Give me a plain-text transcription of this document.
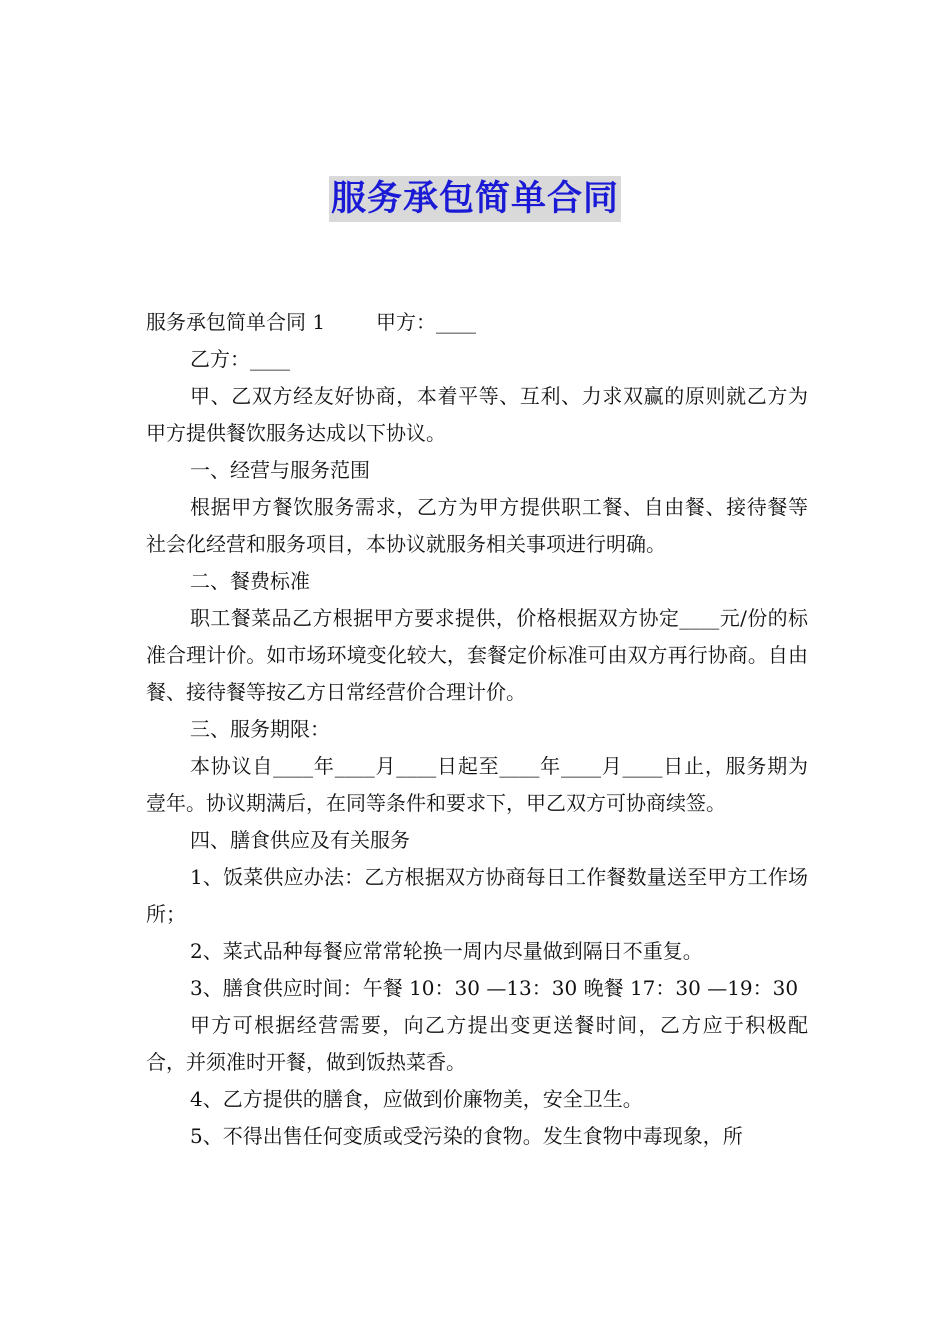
服务承包简单合同

服务承包简单合同 1        甲方：____

乙方：____

甲、乙双方经友好协商，本着平等、互利、力求双赢的原则就乙方为甲方提供餐饮服务达成以下协议。

一、经营与服务范围

根据甲方餐饮服务需求，乙方为甲方提供职工餐、自由餐、接待餐等社会化经营和服务项目，本协议就服务相关事项进行明确。

二、餐费标准

职工餐菜品乙方根据甲方要求提供，价格根据双方协定____元/份的标准合理计价。如市场环境变化较大，套餐定价标准可由双方再行协商。自由餐、接待餐等按乙方日常经营价合理计价。

三、服务期限：

本协议自____年____月____日起至____年____月____日止，服务期为壹年。协议期满后，在同等条件和要求下，甲乙双方可协商续签。

四、膳食供应及有关服务

1、饭菜供应办法：乙方根据双方协商每日工作餐数量送至甲方工作场所；

2、菜式品种每餐应常常轮换一周内尽量做到隔日不重复。

3、膳食供应时间：午餐 10：30 —13：30 晚餐 17：30 —19：30

甲方可根据经营需要，向乙方提出变更送餐时间，乙方应于积极配合，并须准时开餐，做到饭热菜香。

4、乙方提供的膳食，应做到价廉物美，安全卫生。

5、不得出售任何变质或受污染的食物。发生食物中毒现象，所
